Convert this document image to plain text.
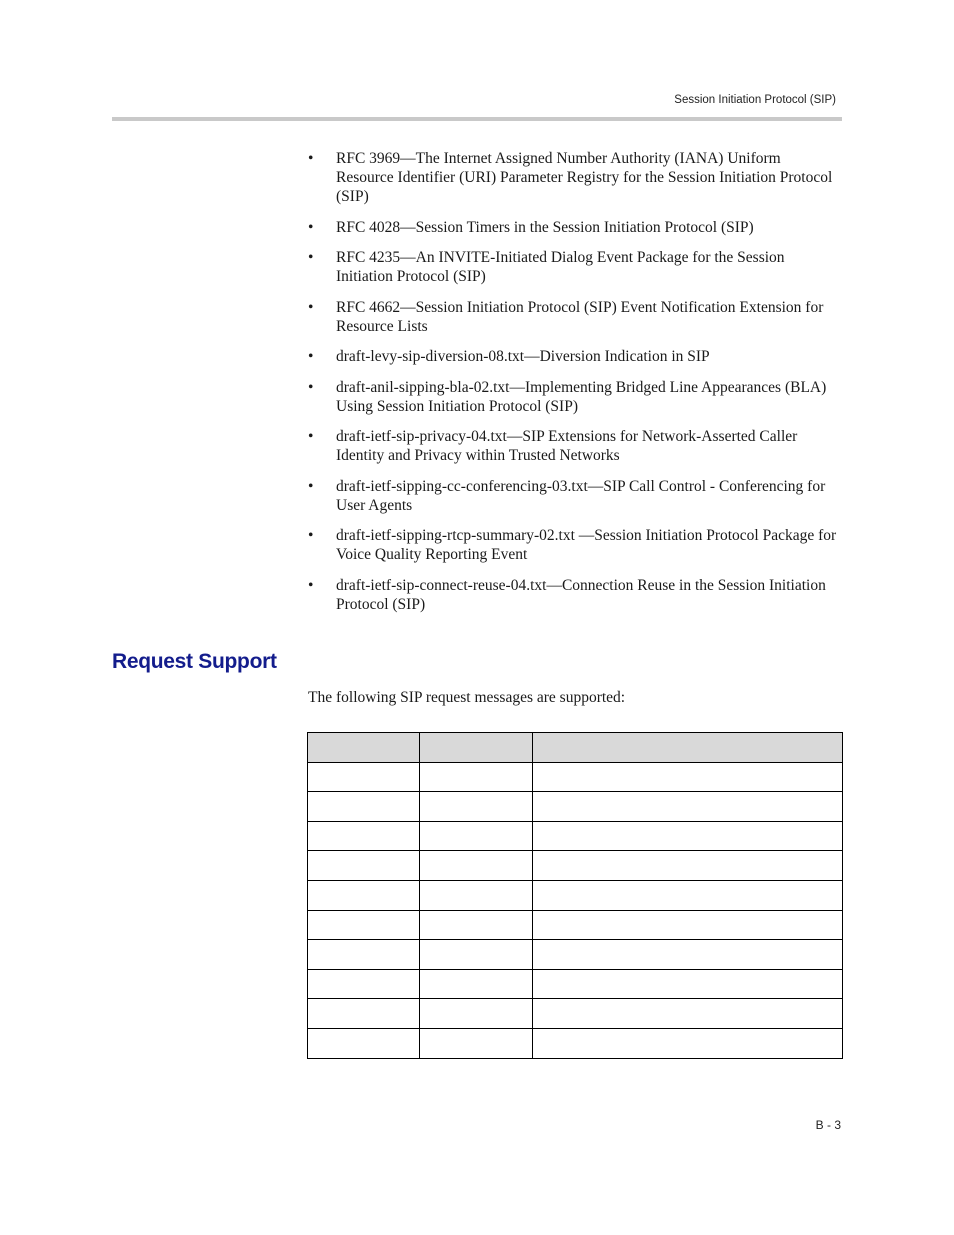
Session Initiation Protocol (SIP)
•	RFC 3969—The Internet Assigned Number Authority (IANA) Uniform Resource Identifier (URI) Parameter Registry for the Session Initiation Protocol (SIP)
•	RFC 4028—Session Timers in the Session Initiation Protocol (SIP)
•	RFC 4235—An INVITE-Initiated Dialog Event Package for the Session Initiation Protocol (SIP)
•	RFC 4662—Session Initiation Protocol (SIP) Event Notification Extension for Resource Lists
•	draft-levy-sip-diversion-08.txt—Diversion Indication in SIP
•	draft-anil-sipping-bla-02.txt—Implementing Bridged Line Appearances (BLA) Using Session Initiation Protocol (SIP)
•	draft-ietf-sip-privacy-04.txt—SIP Extensions for Network-Asserted Caller Identity and Privacy within Trusted Networks
•	draft-ietf-sipping-cc-conferencing-03.txt—SIP Call Control - Conferencing for User Agents
•	draft-ietf-sipping-rtcp-summary-02.txt —Session Initiation Protocol Package for Voice Quality Reporting Event
•	draft-ietf-sip-connect-reuse-04.txt—Connection Reuse in the Session Initiation Protocol (SIP)
Request Support

The following SIP request messages are supported:

B - 3
